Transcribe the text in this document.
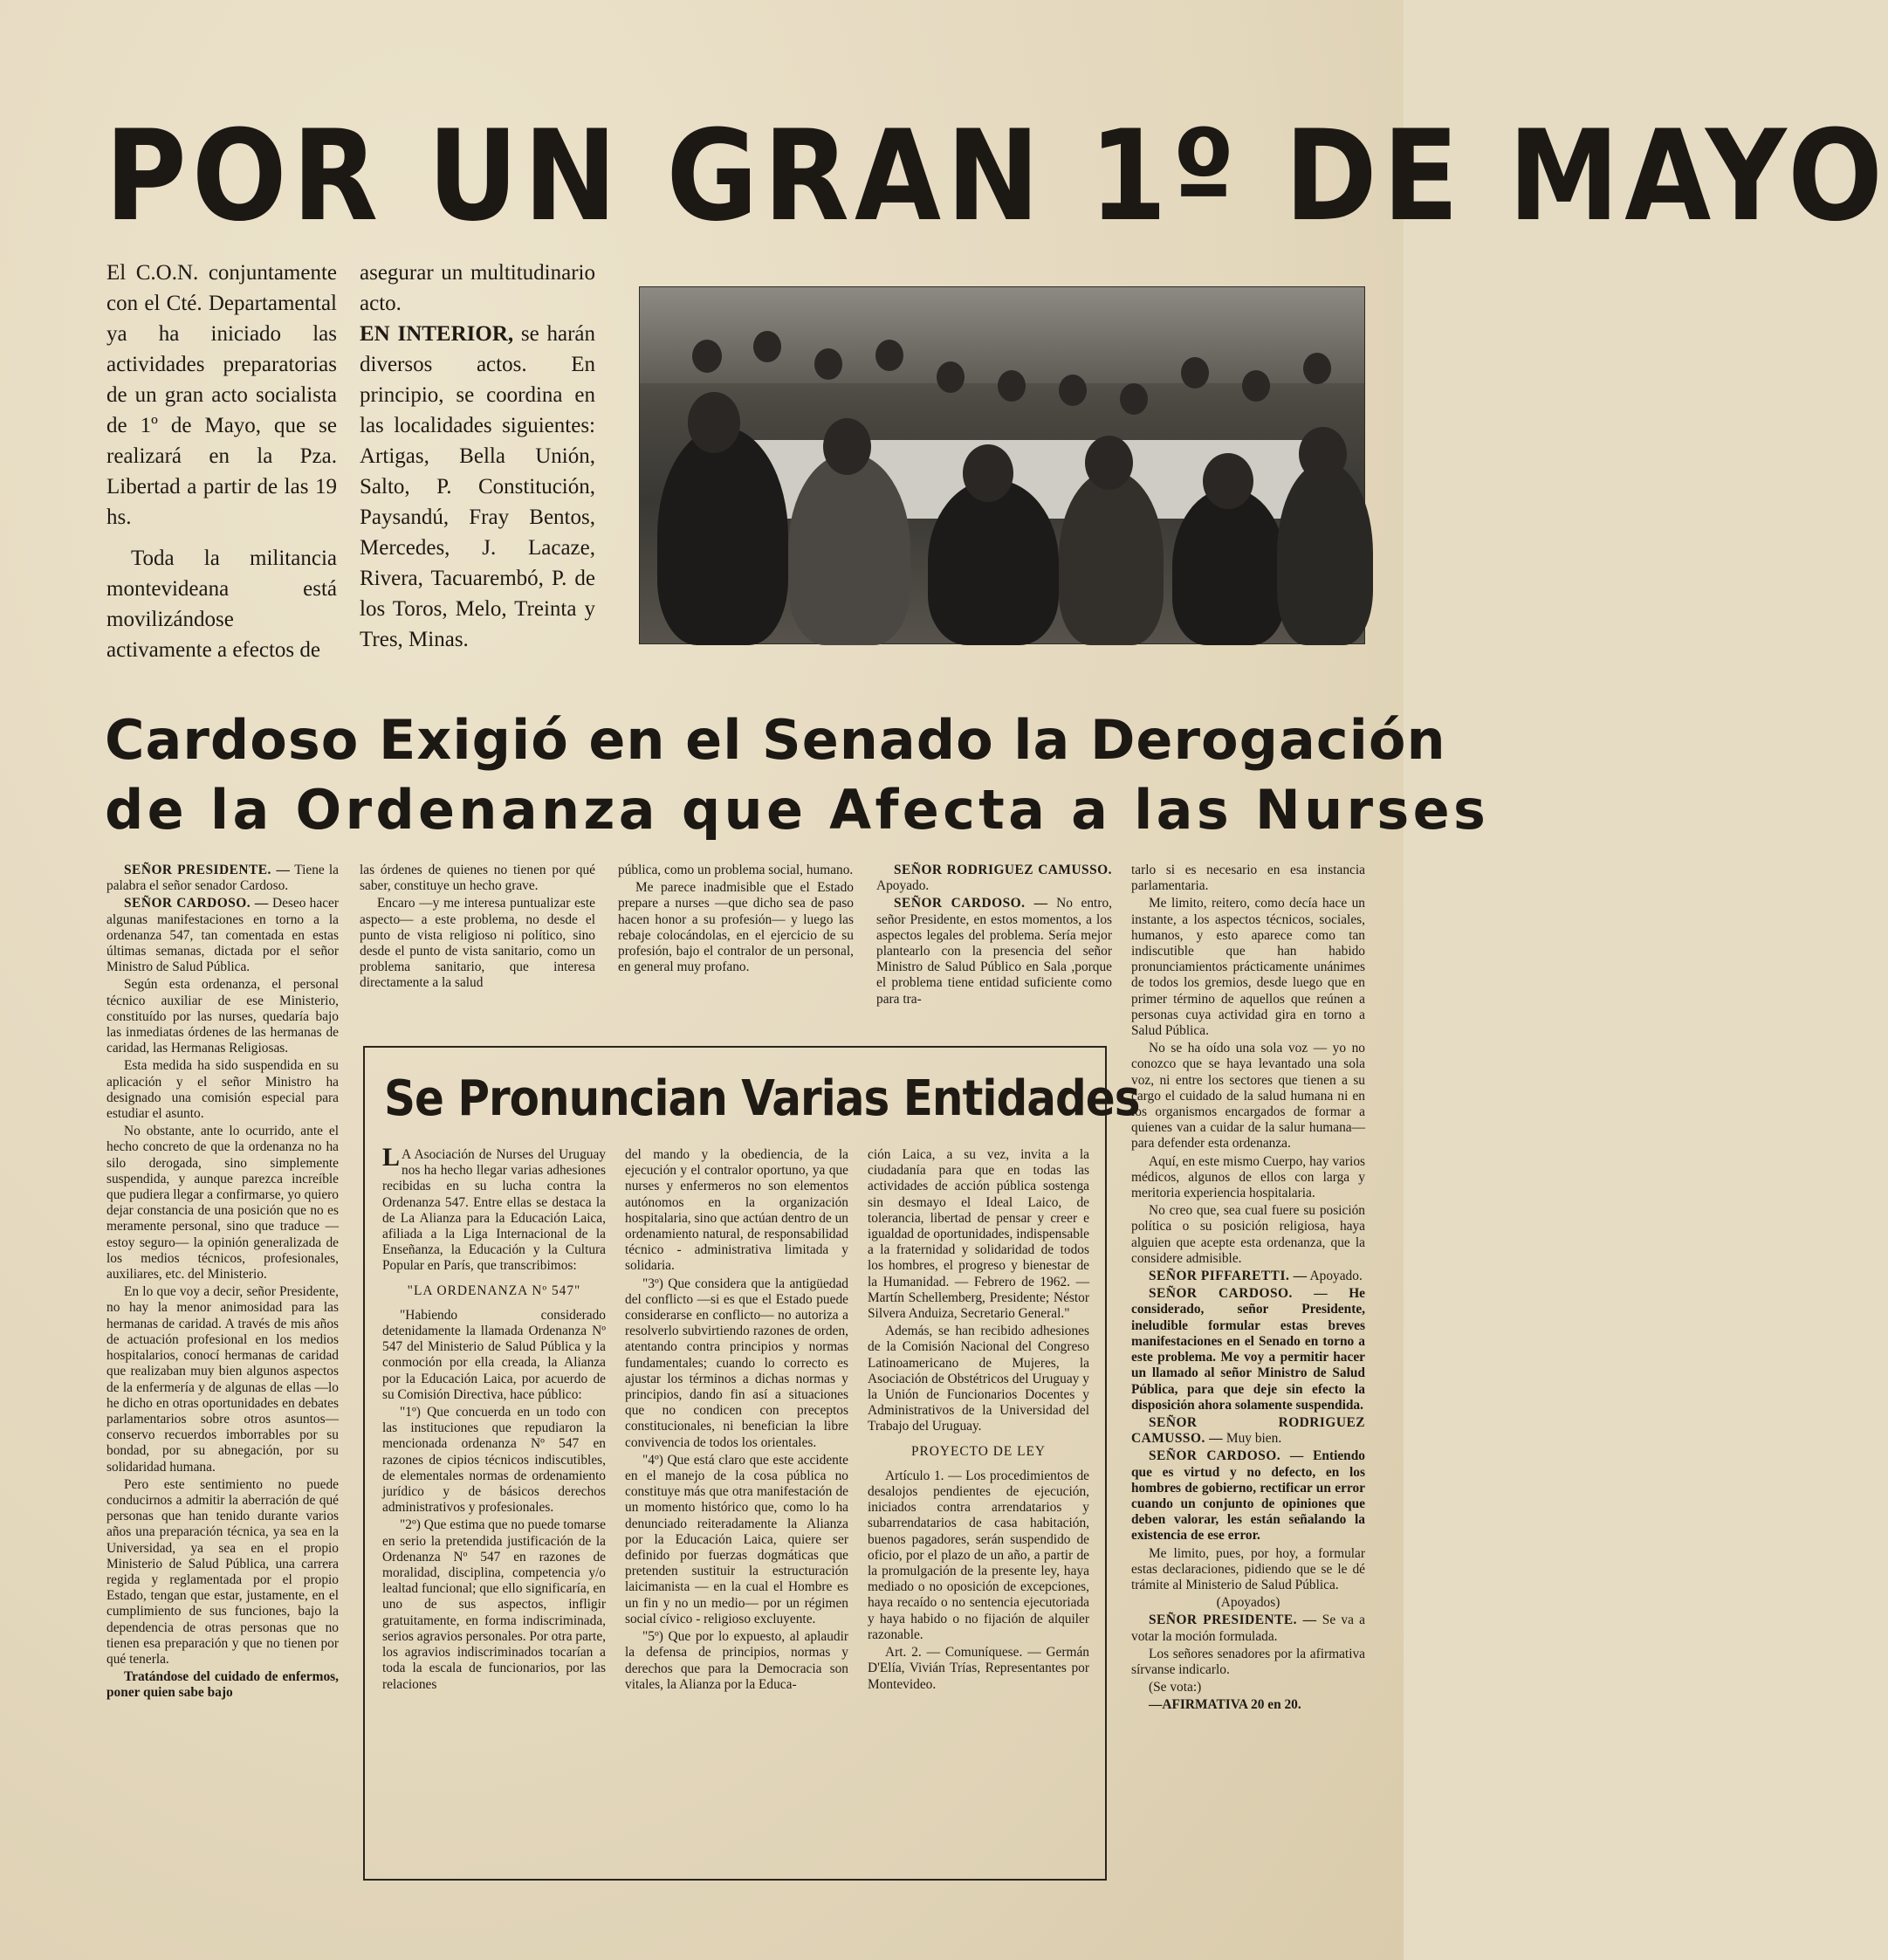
POR UN GRAN 1º DE MAYO

El C.O.N. conjuntamente con el Cté. Departamental ya ha iniciado las actividades preparatorias de un gran acto socialista de 1º de Mayo, que se realizará en la Pza. Libertad a partir de las 19 hs.

Toda la militancia montevideana está movilizándose activamente a efectos de

asegurar un multitudinario acto.

EN INTERIOR, se harán diversos actos. En principio, se coordina en las localidades siguientes: Artigas, Bella Unión, Salto, P. Constitución, Paysandú, Fray Bentos, Mercedes, J. Lacaze, Rivera, Tacuarembó, P. de los Toros, Melo, Treinta y Tres, Minas.

Cardoso Exigió en el Senado la Derogación
de la Ordenanza que Afecta a las Nurses

SEÑOR PRESIDENTE. — Tiene la palabra el señor senador Cardoso.

SEÑOR CARDOSO. — Deseo hacer algunas manifestaciones en torno a la ordenanza 547, tan comentada en estas últimas semanas, dictada por el señor Ministro de Salud Pública.

Según esta ordenanza, el personal técnico auxiliar de ese Ministerio, constituído por las nurses, quedaría bajo las inmediatas órdenes de las hermanas de caridad, las Hermanas Religiosas.

Esta medida ha sido suspendida en su aplicación y el señor Ministro ha designado una comisión especial para estudiar el asunto.

No obstante, ante lo ocurrido, ante el hecho concreto de que la ordenanza no ha silo derogada, sino simplemente suspendida, y aunque parezca increíble que pudiera llegar a confirmarse, yo quiero dejar constancia de una posición que no es meramente personal, sino que traduce —estoy seguro— la opinión generalizada de los medios técnicos, profesionales, auxiliares, etc. del Ministerio.

En lo que voy a decir, señor Presidente, no hay la menor animosidad para las hermanas de caridad. A través de mis años de actuación profesional en los medios hospitalarios, conocí hermanas de caridad que realizaban muy bien algunos aspectos de la enfermería y de algunas de ellas —lo he dicho en otras oportunidades en debates parlamentarios sobre otros asuntos— conservo recuerdos imborrables por su bondad, por su abnegación, por su solidaridad humana.

Pero este sentimiento no puede conducirnos a admitir la aberración de qué personas que han tenido durante varios años una preparación técnica, ya sea en la Universidad, ya sea en el propio Ministerio de Salud Pública, una carrera regida y reglamentada por el propio Estado, tengan que estar, justamente, en el cumplimiento de sus funciones, bajo la dependencia de otras personas que no tienen esa preparación y que no tienen por qué tenerla.

Tratándose del cuidado de enfermos, poner quien sabe bajo

las órdenes de quienes no tienen por qué saber, constituye un hecho grave.

Encaro —y me interesa puntualizar este aspecto— a este problema, no desde el punto de vista religioso ni político, sino desde el punto de vista sanitario, como un problema sanitario, que interesa directamente a la salud

pública, como un problema social, humano.

Me parece inadmisible que el Estado prepare a nurses —que dicho sea de paso hacen honor a su profesión— y luego las rebaje colocándolas, en el ejercicio de su profesión, bajo el contralor de un personal, en general muy profano.

SEÑOR RODRIGUEZ CAMUSSO. Apoyado.

SEÑOR CARDOSO. — No entro, señor Presidente, en estos momentos, a los aspectos legales del problema. Sería mejor plantearlo con la presencia del señor Ministro de Salud Público en Sala ,porque el problema tiene entidad suficiente como para tra-

tarlo si es necesario en esa instancia parlamentaria.

Me limito, reitero, como decía hace un instante, a los aspectos técnicos, sociales, humanos, y esto aparece como tan indiscutible que han habido pronunciamientos prácticamente unánimes de todos los gremios, desde luego que en primer término de aquellos que reúnen a personas cuya actividad gira en torno a Salud Pública.

No se ha oído una sola voz — yo no conozco que se haya levantado una sola voz, ni entre los sectores que tienen a su cargo el cuidado de la salud humana ni en los organismos encargados de formar a quienes van a cuidar de la salur humana— para defender esta ordenanza.

Aquí, en este mismo Cuerpo, hay varios médicos, algunos de ellos con larga y meritoria experiencia hospitalaria.

No creo que, sea cual fuere su posición política o su posición religiosa, haya alguien que acepte esta ordenanza, que la considere admisible.

SEÑOR PIFFARETTI. — Apoyado.

SEÑOR CARDOSO. — He considerado, señor Presidente, ineludible formular estas breves manifestaciones en el Senado en torno a este problema. Me voy a permitir hacer un llamado al señor Ministro de Salud Pública, para que deje sin efecto la disposición ahora solamente suspendida.

SEÑOR RODRIGUEZ CAMUSSO. — Muy bien.

SEÑOR CARDOSO. — Entiendo que es virtud y no defecto, en los hombres de gobierno, rectificar un error cuando un conjunto de opiniones que deben valorar, les están señalando la existencia de ese error.

Me limito, pues, por hoy, a formular estas declaraciones, pidiendo que se le dé trámite al Ministerio de Salud Pública.

(Apoyados)

SEÑOR PRESIDENTE. — Se va a votar la moción formulada.

Los señores senadores por la afirmativa sírvanse indicarlo.

(Se vota:)

—AFIRMATIVA 20 en 20.

Se Pronuncian Varias Entidades

L A Asociación de Nurses del Uruguay nos ha hecho llegar varias adhesiones recibidas en su lucha contra la Ordenanza 547. Entre ellas se destaca la de La Alianza para la Educación Laica, afiliada a la Liga Internacional de la Enseñanza, la Educación y la Cultura Popular en París, que transcribimos:

"LA ORDENANZA Nº 547"

"Habiendo considerado detenidamente la llamada Ordenanza Nº 547 del Ministerio de Salud Pública y la conmoción por ella creada, la Alianza por la Educación Laica, por acuerdo de su Comisión Directiva, hace público:

"1º) Que concuerda en un todo con las instituciones que repudiaron la mencionada ordenanza Nº 547 en razones de cipios técnicos indiscutibles, de elementales normas de ordenamiento jurídico y de básicos derechos administrativos y profesionales.

"2º) Que estima que no puede tomarse en serio la pretendida justificación de la Ordenanza Nº 547 en razones de moralidad, disciplina, competencia y/o lealtad funcional; que ello significaría, en uno de sus aspectos, infligir gratuitamente, en forma indiscriminada, serios agravios personales. Por otra parte, los agravios indiscriminados tocarían a toda la escala de funcionarios, por las relaciones

del mando y la obediencia, de la ejecución y el contralor oportuno, ya que nurses y enfermeros no son elementos autónomos en la organización hospitalaria, sino que actúan dentro de un ordenamiento natural, de responsabilidad técnico - administrativa limitada y solidaria.

"3º) Que considera que la antigüedad del conflicto —si es que el Estado puede considerarse en conflicto— no autoriza a resolverlo subvirtiendo razones de orden, atentando contra principios y normas fundamentales; cuando lo correcto es ajustar los términos a dichas normas y principios, dando fin así a situaciones que no condicen con preceptos constitucionales, ni benefician la libre convivencia de todos los orientales.

"4º) Que está claro que este accidente en el manejo de la cosa pública no constituye más que otra manifestación de un momento histórico que, como lo ha denunciado reiteradamente la Alianza por la Educación Laica, quiere ser definido por fuerzas dogmáticas que pretenden sustituir la estructuración laicimanista — en la cual el Hombre es un fin y no un medio— por un régimen social cívico - religioso excluyente.

"5º) Que por lo expuesto, al aplaudir la defensa de principios, normas y derechos que para la Democracia son vitales, la Alianza por la Educa-

ción Laica, a su vez, invita a la ciudadanía para que en todas las actividades de acción pública sostenga sin desmayo el Ideal Laico, de tolerancia, libertad de pensar y creer e igualdad de oportunidades, indispensable a la fraternidad y solidaridad de todos los hombres, el progreso y bienestar de la Humanidad. — Febrero de 1962. — Martín Schellemberg, Presidente; Néstor Silvera Anduiza, Secretario General."

Además, se han recibido adhesiones de la Comisión Nacional del Congreso Latinoamericano de Mujeres, la Asociación de Obstétricos del Uruguay y la Unión de Funcionarios Docentes y Administrativos de la Universidad del Trabajo del Uruguay.

PROYECTO DE LEY

Artículo 1. — Los procedimientos de desalojos pendientes de ejecución, iniciados contra arrendatarios y subarrendatarios de casa habitación, buenos pagadores, serán suspendido de oficio, por el plazo de un año, a partir de la promulgación de la presente ley, haya mediado o no oposición de excepciones, haya recaído o no sentencia ejecutoriada y haya habido o no fijación de alquiler razonable.

Art. 2. — Comuníquese. — Germán D'Elía, Vivián Trías, Representantes por Montevideo.
